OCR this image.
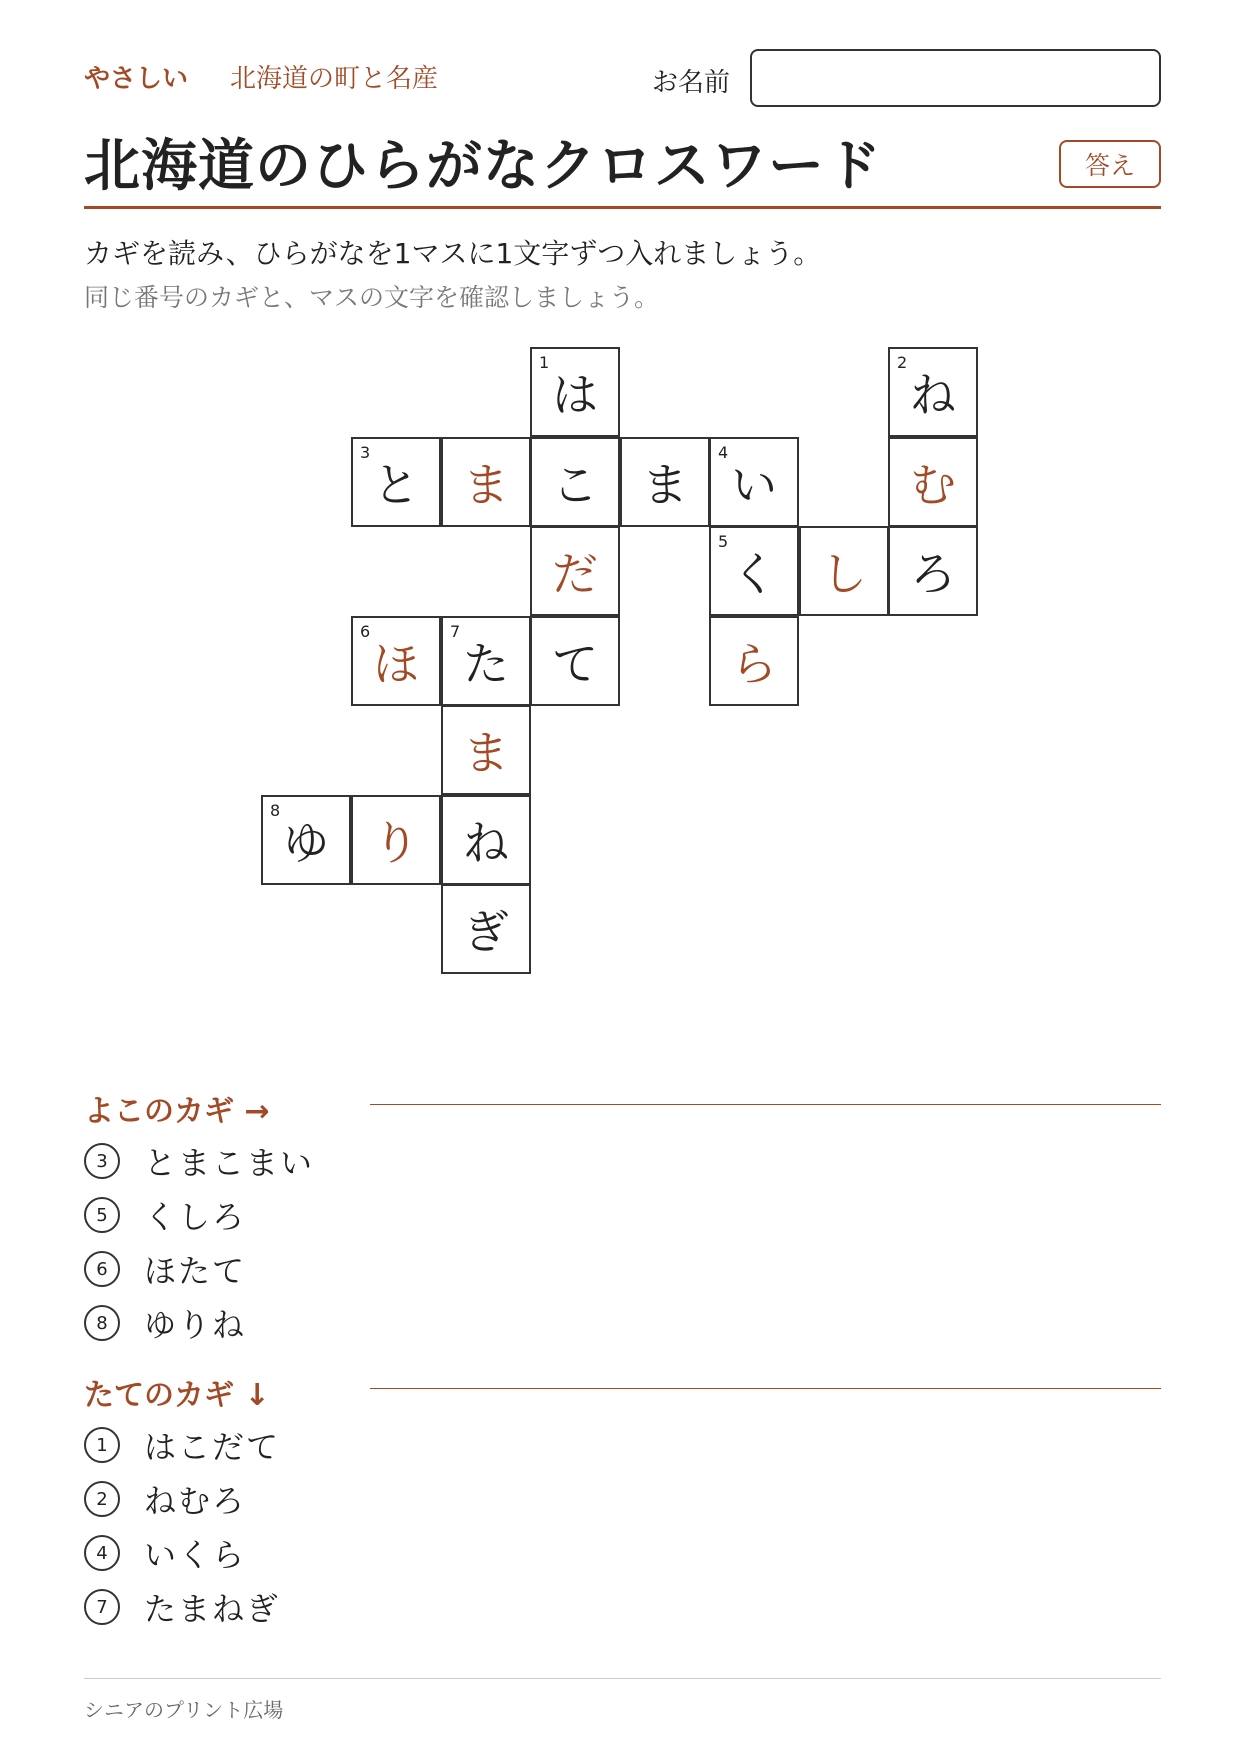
やさしい 北海道の町と名産	お名前
北海道のひらがなクロスワード	答え
カギを読み、ひらがなを1マスに1文字ずつ入れましょう。
同じ番号のカギと、マスの文字を確認しましょう。
1
は
2
ね
3
と ま こ ま
4
い	む
だ
5
く し ろ
6
ほ
7
た て	ら
ま
8
ゆ り ね
ぎ
よこのカギ →
3	とまこまい
5	くしろ
6	ほたて
8	ゆりね
たてのカギ ↓
1	はこだて
2	ねむろ
4	いくら
7	たまねぎ
シニアのプリント広場
